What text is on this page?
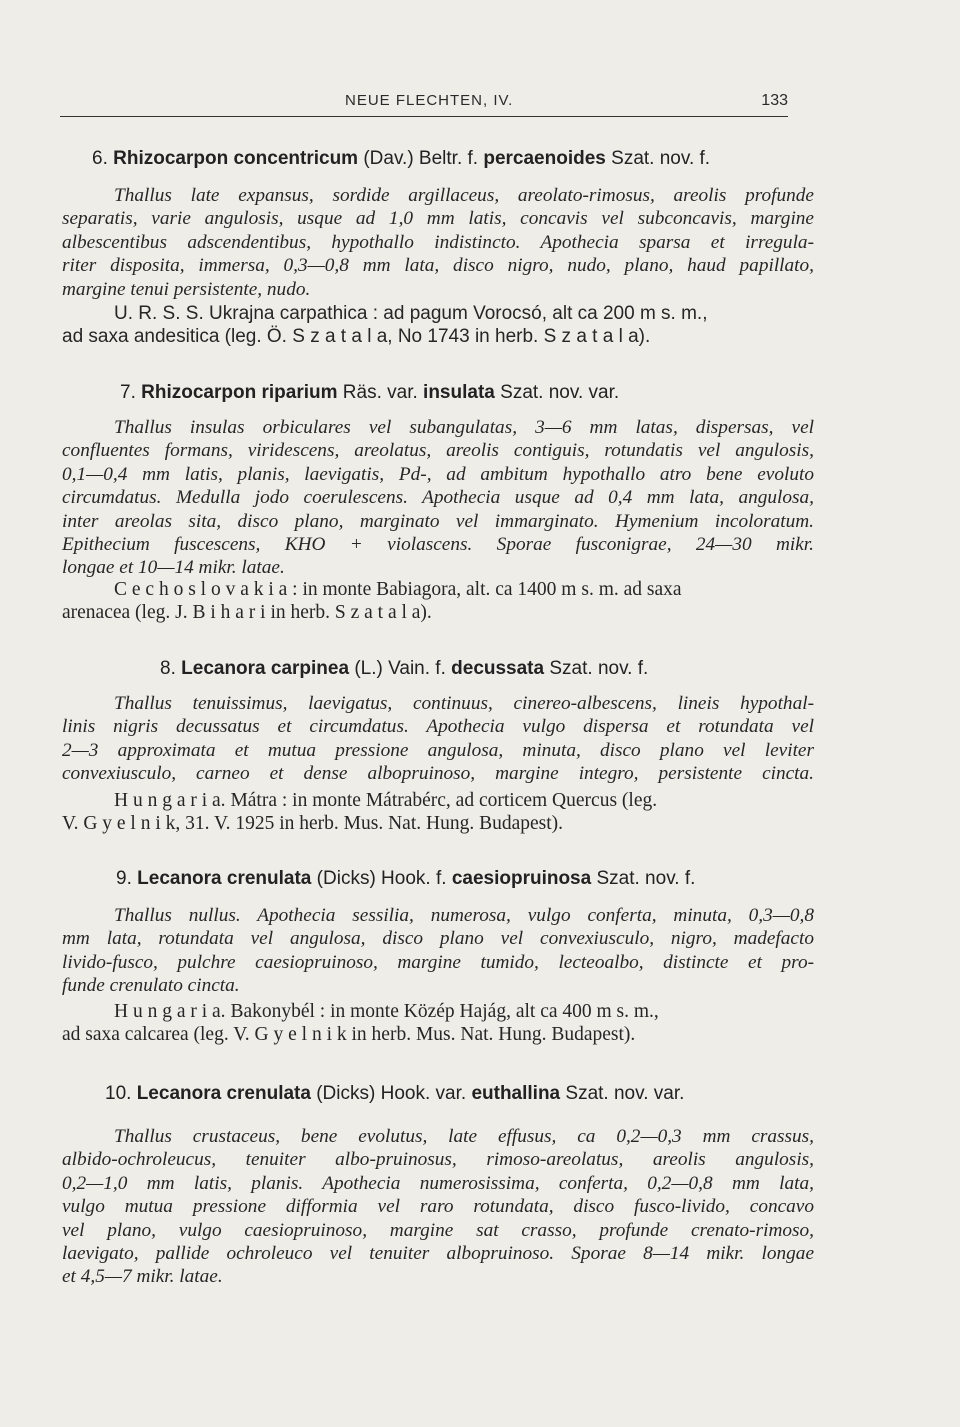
NEUE FLECHTEN, IV.	133
6. Rhizocarpon concentricum (Dav.) Beltr. f. percaenoides Szat. nov. f.
Thallus late expansus, sordide argillaceus, areolato-rimosus, areolis profunde
separatis, varie angulosis, usque ad 1,0 mm latis, concavis vel subconcavis, margine
albescentibus adscendentibus, hypothallo indistincto. Apothecia sparsa et irregula-
riter disposita, immersa, 0,3—0,8 mm lata, disco nigro, nudo, plano, haud papillato,
margine tenui persistente, nudo.
U. R. S. S. Ukrajna carpathica : ad pagum Vorocsó, alt ca 200 m s. m.,
ad saxa andesitica (leg. Ö. S z a t a l a, No 1743 in herb. S z a t a l a).
7. Rhizocarpon riparium Räs. var. insulata Szat. nov. var.
Thallus insulas orbiculares vel subangulatas, 3—6 mm latas, dispersas, vel
confluentes formans, viridescens, areolatus, areolis contiguis, rotundatis vel angulosis,
0,1—0,4 mm latis, planis, laevigatis, Pd-, ad ambitum hypothallo atro bene evoluto
circumdatus. Medulla jodo coerulescens. Apothecia usque ad 0,4 mm lata, angulosa,
inter areolas sita, disco plano, marginato vel immarginato. Hymenium incoloratum.
Epithecium fuscescens, KHO + violascens. Sporae fusconigrae, 24—30 mikr.
longae et 10—14 mikr. latae.
C e c h o s l o v a k i a : in monte Babiagora, alt. ca 1400 m s. m. ad saxa
arenacea (leg. J. B i h a r i in herb. S z a t a l a).
8. Lecanora carpinea (L.) Vain. f. decussata Szat. nov. f.
Thallus tenuissimus, laevigatus, continuus, cinereo-albescens, lineis hypothal-
linis nigris decussatus et circumdatus. Apothecia vulgo dispersa et rotundata vel
2—3 approximata et mutua pressione angulosa, minuta, disco plano vel leviter
convexiusculo, carneo et dense albopruinoso, margine integro, persistente cincta.
H u n g a r i a. Mátra : in monte Mátrabérc, ad corticem Quercus (leg.
V. G y e l n i k, 31. V. 1925 in herb. Mus. Nat. Hung. Budapest).
9. Lecanora crenulata (Dicks) Hook. f. caesiopruinosa Szat. nov. f.
Thallus nullus. Apothecia sessilia, numerosa, vulgo conferta, minuta, 0,3—0,8
mm lata, rotundata vel angulosa, disco plano vel convexiusculo, nigro, madefacto
livido-fusco, pulchre caesiopruinoso, margine tumido, lecteoalbo, distincte et pro-
funde crenulato cincta.
H u n g a r i a. Bakonybél : in monte Közép Hajág, alt ca 400 m s. m.,
ad saxa calcarea (leg. V. G y e l n i k in herb. Mus. Nat. Hung. Budapest).
10. Lecanora crenulata (Dicks) Hook. var. euthallina Szat. nov. var.
Thallus crustaceus, bene evolutus, late effusus, ca 0,2—0,3 mm crassus,
albido-ochroleucus, tenuiter albo-pruinosus, rimoso-areolatus, areolis angulosis,
0,2—1,0 mm latis, planis. Apothecia numerosissima, conferta, 0,2—0,8 mm lata,
vulgo mutua pressione difformia vel raro rotundata, disco fusco-livido, concavo
vel plano, vulgo caesiopruinoso, margine sat crasso, profunde crenato-rimoso,
laevigato, pallide ochroleuco vel tenuiter albopruinoso. Sporae 8—14 mikr. longae
et 4,5—7 mikr. latae.
